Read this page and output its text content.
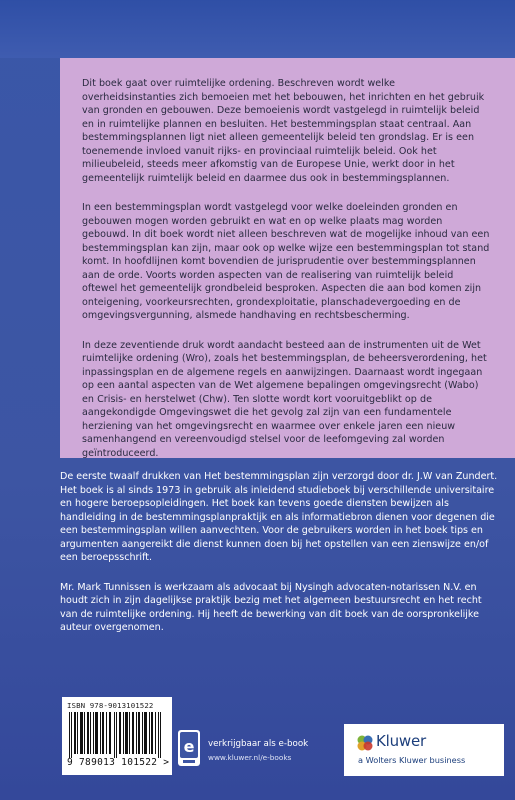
Dit boek gaat over ruimtelijke ordening. Beschreven wordt welke overheidsinstanties zich bemoeien met het bebouwen, het inrichten en het gebruik van gronden en gebouwen. Deze bemoeienis wordt vastgelegd in ruimtelijk beleid en in ruimtelijke plannen en besluiten. Het bestemmingsplan staat centraal. Aan bestemmingsplannen ligt niet alleen gemeentelijk beleid ten grondslag. Er is een toenemende invloed vanuit rijks- en provinciaal ruimtelijk beleid. Ook het milieubeleid, steeds meer afkomstig van de Europese Unie, werkt door in het gemeentelijk ruimtelijk beleid en daarmee dus ook in bestemmingsplannen.

In een bestemmingsplan wordt vastgelegd voor welke doeleinden gronden en gebouwen mogen worden gebruikt en wat en op welke plaats mag worden gebouwd. In dit boek wordt niet alleen beschreven wat de mogelijke inhoud van een bestemmingsplan kan zijn, maar ook op welke wijze een bestemmingsplan tot stand komt. In hoofdlijnen komt bovendien de jurisprudentie over bestemmingsplannen aan de orde. Voorts worden aspecten van de realisering van ruimtelijk beleid oftewel het gemeentelijk grondbeleid besproken. Aspecten die aan bod komen zijn onteigening, voorkeursrechten, grondexploitatie, planschadevergoeding en de omgevingsvergunning, alsmede handhaving en rechtsbescherming.

In deze zeventiende druk wordt aandacht besteed aan de instrumenten uit de Wet ruimtelijke ordening (Wro), zoals het bestemmingsplan, de beheersverordening, het inpassingsplan en de algemene regels en aanwijzingen. Daarnaast wordt ingegaan op een aantal aspecten van de Wet algemene bepalingen omgevingsrecht (Wabo) en Crisis- en herstelwet (Chw). Ten slotte wordt kort vooruitgeblikt op de aangekondigde Omgevingswet die het gevolg zal zijn van een fundamentele herziening van het omgevingsrecht en waarmee over enkele jaren een nieuw samenhangend en vereenvoudigd stelsel voor de leefomgeving zal worden geïntroduceerd.

De eerste twaalf drukken van Het bestemmingsplan zijn verzorgd door dr. J.W van Zundert. Het boek is al sinds 1973 in gebruik als inleidend studieboek bij verschillende universitaire en hogere beroepsopleidingen. Het boek kan tevens goede diensten bewijzen als handleiding in de bestemmingsplanpraktijk en als informatiebron dienen voor degenen die een bestemmingsplan willen aanvechten. Voor de gebruikers worden in het boek tips en argumenten aangereikt die dienst kunnen doen bij het opstellen van een zienswijze en/of een beroepsschrift.

Mr. Mark Tunnissen is werkzaam als advocaat bij Nysingh advocaten-notarissen N.V. en houdt zich in zijn dagelijkse praktijk bezig met het algemeen bestuursrecht en het recht van de ruimtelijke ordening. Hij heeft de bewerking van dit boek van de oorspronkelijke auteur overgenomen.

ISBN 978-9013101522
9 789013 101522 >
e verkrijgbaar als e-book
www.kluwer.nl/e-books
Kluwer
a Wolters Kluwer business
